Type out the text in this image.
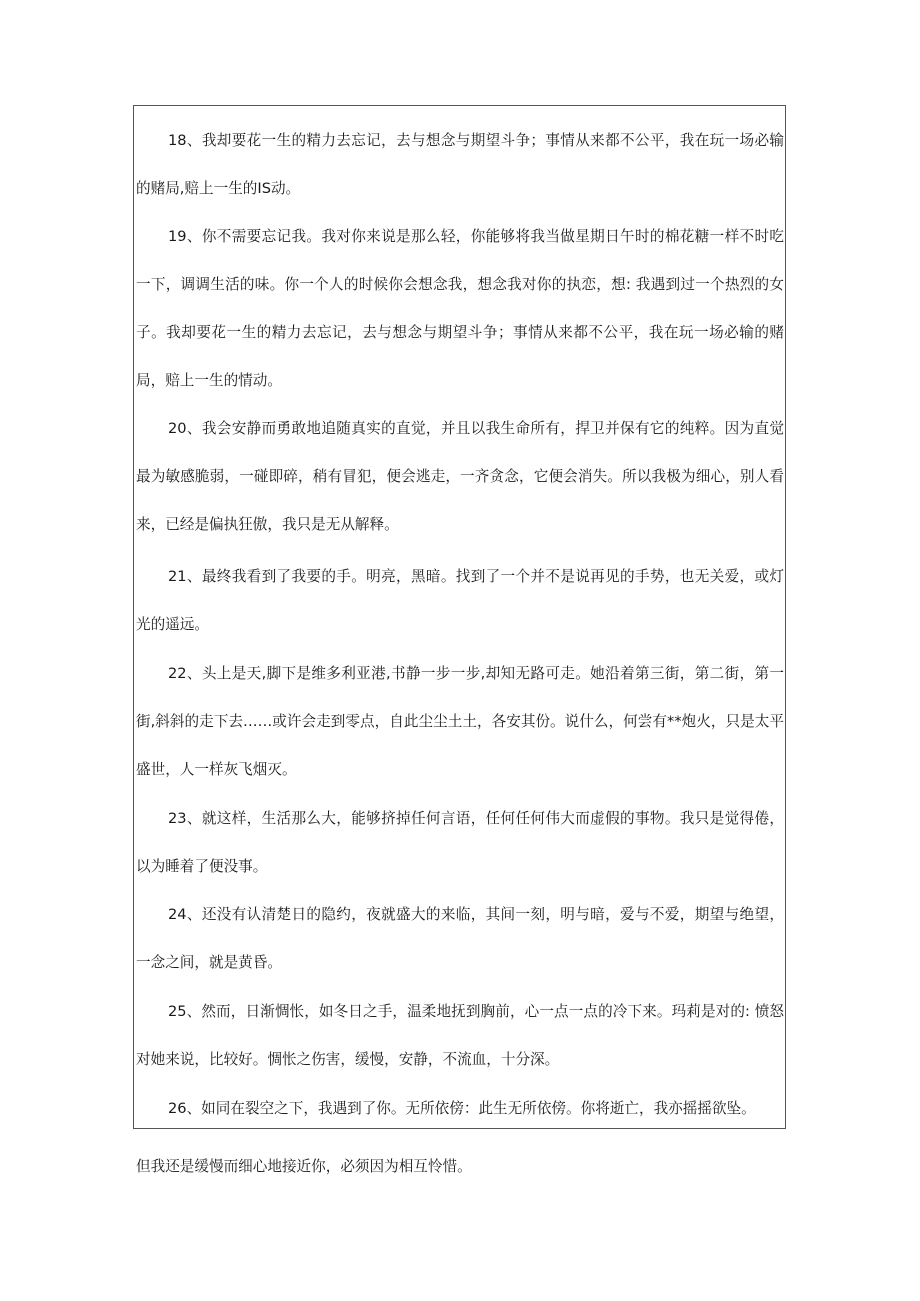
18、我却要花一生的精力去忘记，去与想念与期望斗争；事情从来都不公平，我在玩一场必输的赌局,赔上一生的IS动。
19、你不需要忘记我。我对你来说是那么轻，你能够将我当做星期日午时的棉花糖一样不时吃一下，调调生活的味。你一个人的时候你会想念我，想念我对你的执恋，想: 我遇到过一个热烈的女子。我却要花一生的精力去忘记，去与想念与期望斗争；事情从来都不公平，我在玩一场必输的赌局，赔上一生的情动。
20、我会安静而勇敢地追随真实的直觉，并且以我生命所有，捍卫并保有它的纯粹。因为直觉最为敏感脆弱，一碰即碎，稍有冒犯，便会逃走，一齐贪念，它便会消失。所以我极为细心，别人看来，已经是偏执狂傲，我只是无从解释。
21、最终我看到了我要的手。明亮，黑暗。找到了一个并不是说再见的手势，也无关爱，或灯光的遥远。
22、头上是天,脚下是维多利亚港,书静一步一步,却知无路可走。她沿着第三街，第二街，第一街,斜斜的走下去……或许会走到零点，自此尘尘土土，各安其份。说什么，何尝有**炮火，只是太平盛世，人一样灰飞烟灭。
23、就这样，生活那么大，能够挤掉任何言语，任何任何伟大而虚假的事物。我只是觉得倦，以为睡着了便没事。
24、还没有认清楚日的隐约，夜就盛大的来临，其间一刻，明与暗，爱与不爱，期望与绝望，一念之间，就是黄昏。
25、然而，日渐惆怅，如冬日之手，温柔地抚到胸前，心一点一点的冷下来。玛莉是对的: 愤怒对她来说，比较好。惆怅之伤害，缓慢，安静，不流血，十分深。
26、如同在裂空之下，我遇到了你。无所依傍：此生无所依傍。你将逝亡，我亦摇摇欲坠。
但我还是缓慢而细心地接近你，必须因为相互怜惜。
